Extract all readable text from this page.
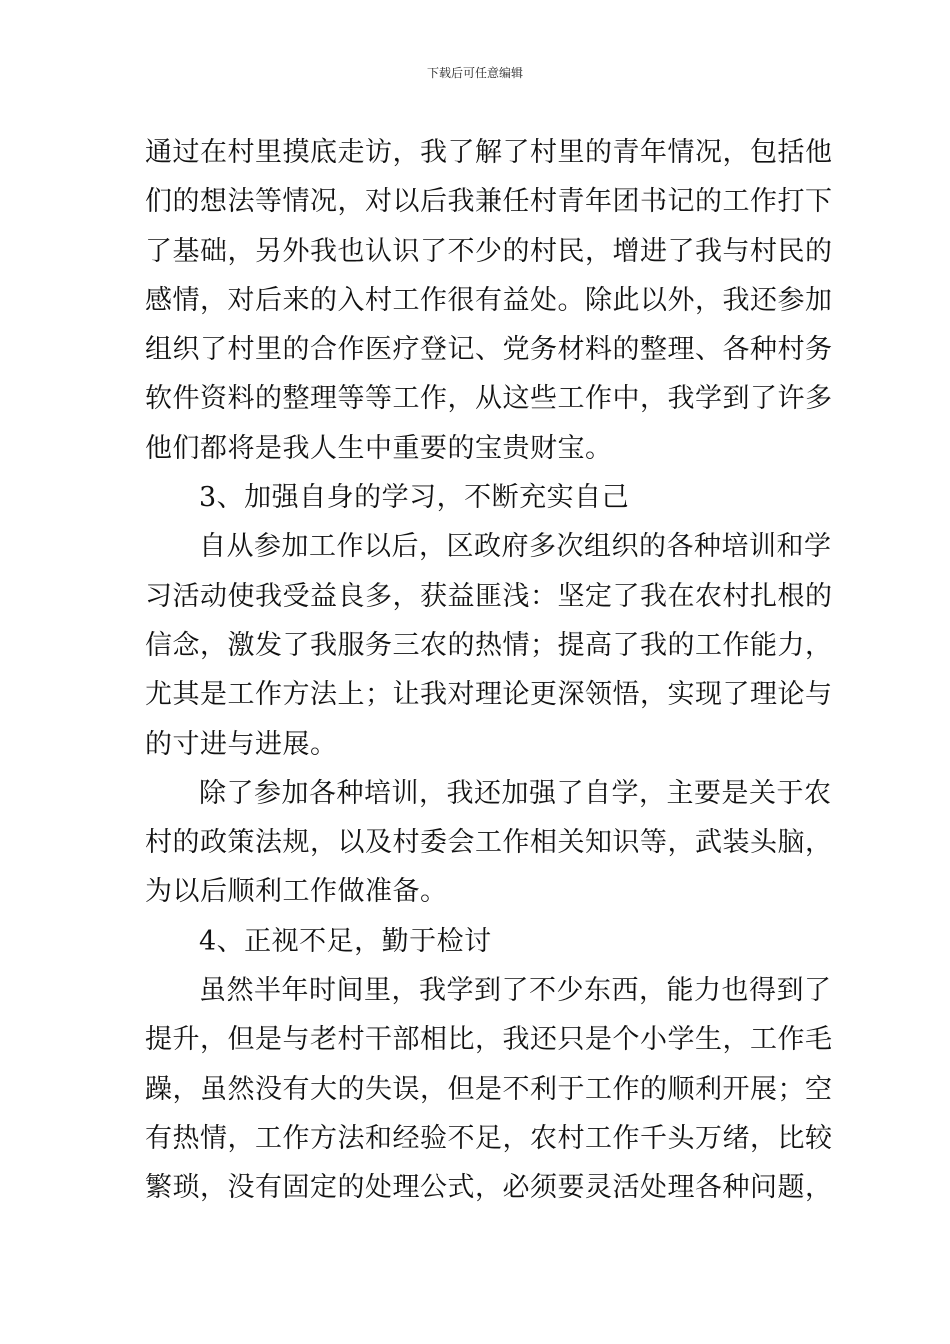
下载后可任意编辑
通过在村里摸底走访，我了解了村里的青年情况，包括他
们的想法等情况，对以后我兼任村青年团书记的工作打下
了基础，另外我也认识了不少的村民，增进了我与村民的
感情，对后来的入村工作很有益处。除此以外，我还参加
组织了村里的合作医疗登记、党务材料的整理、各种村务
软件资料的整理等等工作，从这些工作中，我学到了许多
他们都将是我人生中重要的宝贵财宝。
3、加强自身的学习，不断充实自己
自从参加工作以后，区政府多次组织的各种培训和学
习活动使我受益良多，获益匪浅：坚定了我在农村扎根的
信念，激发了我服务三农的热情；提高了我的工作能力，
尤其是工作方法上；让我对理论更深领悟，实现了理论与
的寸进与进展。
除了参加各种培训，我还加强了自学，主要是关于农
村的政策法规，以及村委会工作相关知识等，武装头脑，
为以后顺利工作做准备。
4、正视不足，勤于检讨
虽然半年时间里，我学到了不少东西，能力也得到了
提升，但是与老村干部相比，我还只是个小学生，工作毛
躁，虽然没有大的失误，但是不利于工作的顺利开展；空
有热情，工作方法和经验不足，农村工作千头万绪，比较
繁琐，没有固定的处理公式，必须要灵活处理各种问题，
